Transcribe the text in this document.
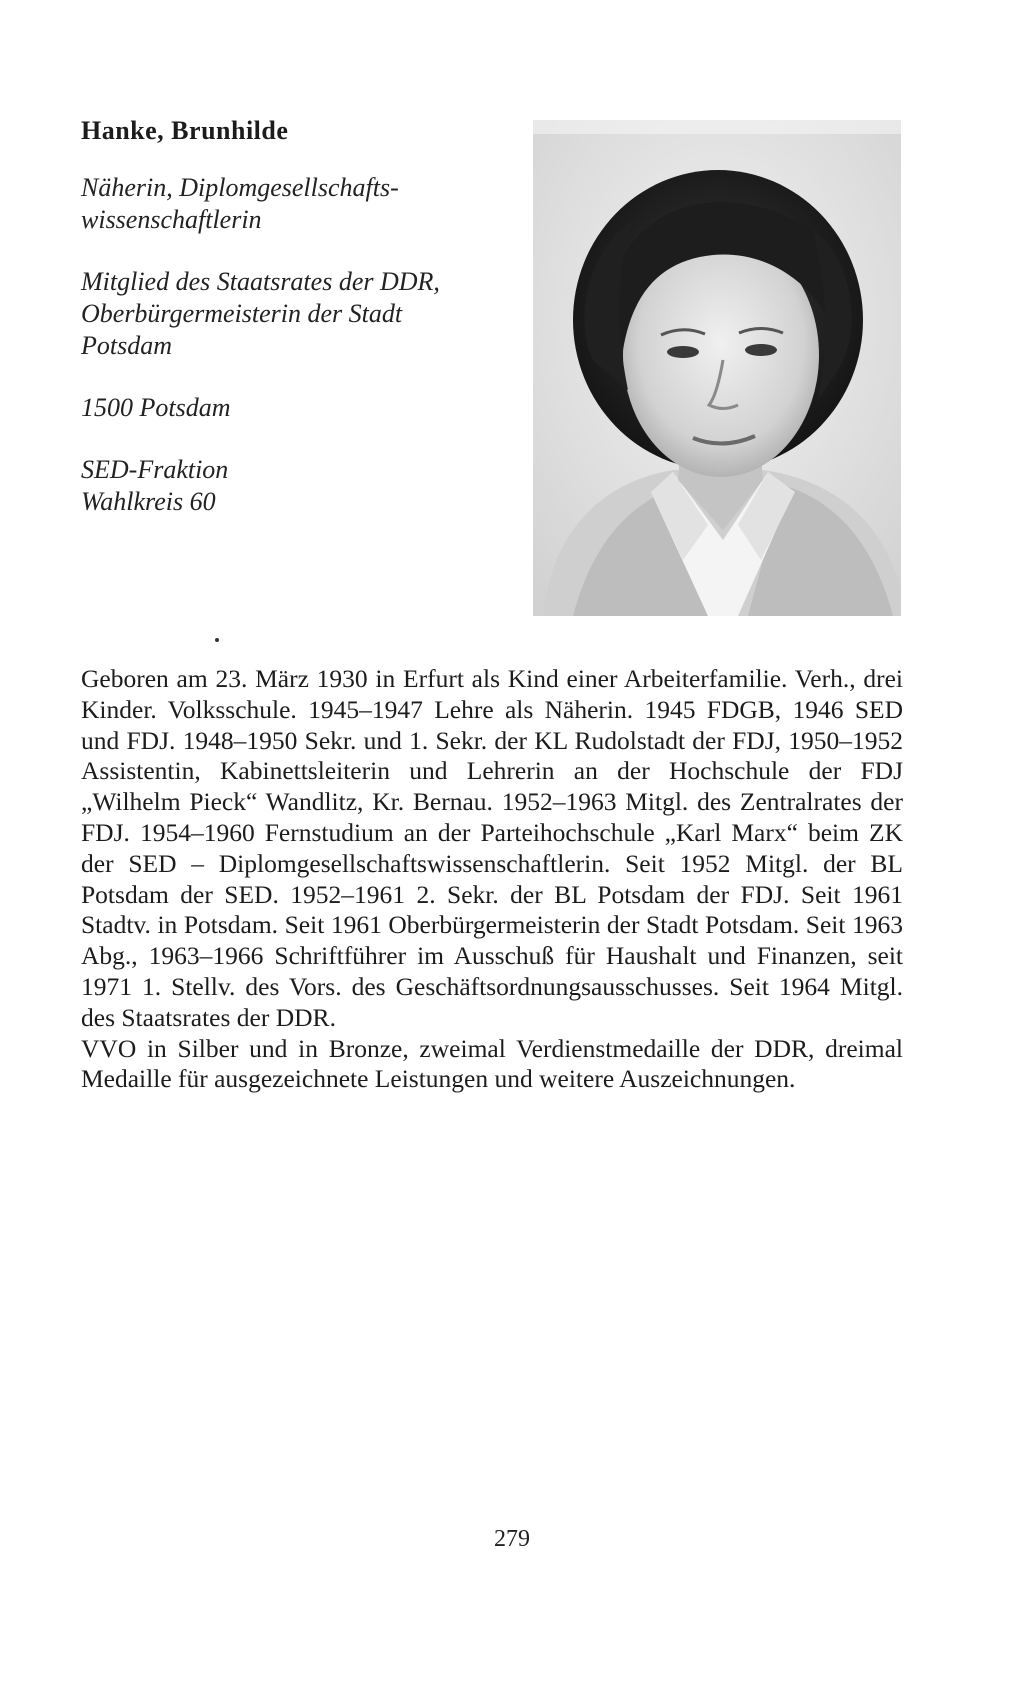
Hanke, Brunhilde
Näherin, Diplomgesellschafts-
wissenschaftlerin
Mitglied des Staatsrates der DDR,
Oberbürgermeisterin der Stadt
Potsdam
1500 Potsdam
SED-Fraktion
Wahlkreis 60

Geboren am 23. März 1930 in Erfurt als Kind einer Arbeiterfamilie. Verh., drei Kinder. Volksschule. 1945–1947 Lehre als Näherin. 1945 FDGB, 1946 SED und FDJ. 1948–1950 Sekr. und 1. Sekr. der KL Rudolstadt der FDJ, 1950–1952 Assistentin, Kabinettsleiterin und Lehrerin an der Hochschule der FDJ „Wilhelm Pieck“ Wandlitz, Kr. Bernau. 1952–1963 Mitgl. des Zentralrates der FDJ. 1954–1960 Fernstudium an der Parteihochschule „Karl Marx“ beim ZK der SED – Diplomgesellschaftswissenschaftlerin. Seit 1952 Mitgl. der BL Potsdam der SED. 1952–1961 2. Sekr. der BL Potsdam der FDJ. Seit 1961 Stadtv. in Potsdam. Seit 1961 Oberbürgermeisterin der Stadt Potsdam. Seit 1963 Abg., 1963–1966 Schriftführer im Ausschuß für Haushalt und Finanzen, seit 1971 1. Stellv. des Vors. des Geschäftsordnungsausschusses. Seit 1964 Mitgl. des Staatsrates der DDR.

VVO in Silber und in Bronze, zweimal Verdienstmedaille der DDR, dreimal Medaille für ausgezeichnete Leistungen und weitere Auszeichnungen.

279
